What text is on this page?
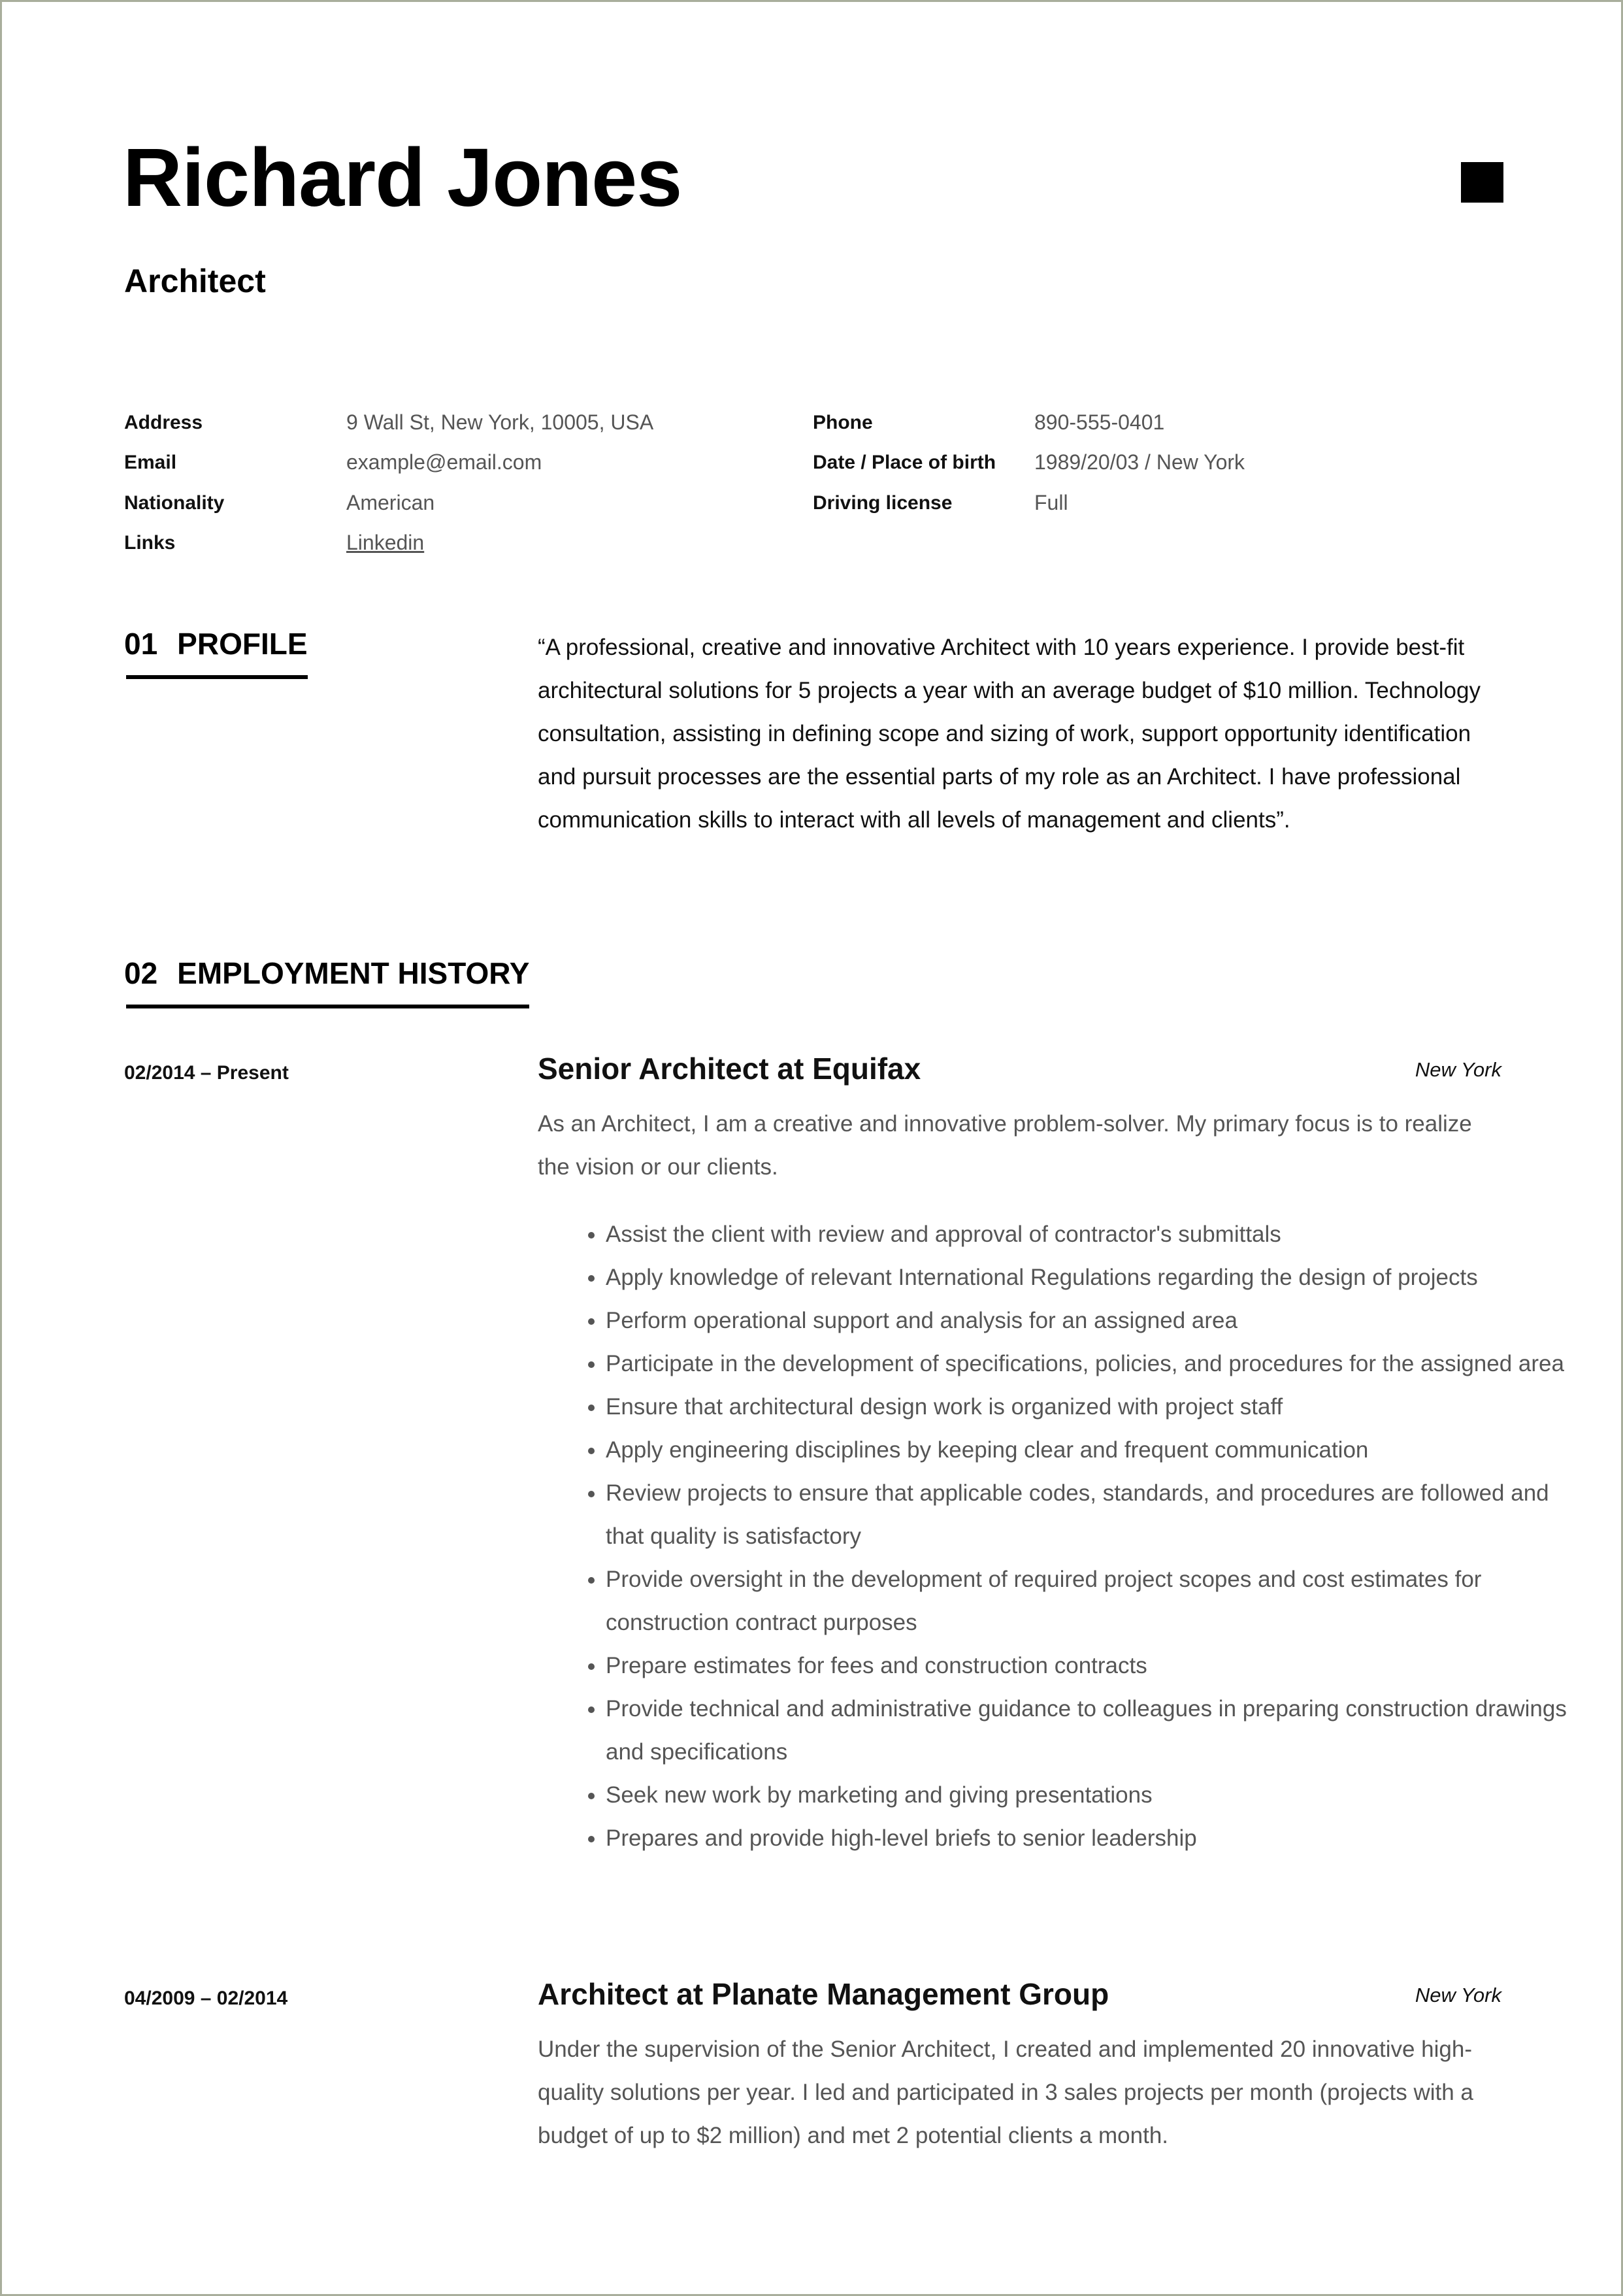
Richard Jones
Architect
Address	9 Wall St, New York, 10005, USA
Email	example@email.com
Nationality	American
Links	Linkedin
Phone	890-555-0401
Date / Place of birth 1989/20/03 / New York
Driving license	Full
01 PROFILE	“A professional, creative and innovative Architect with 10 years experience. I provide best-fit architectural solutions for 5 projects a year with an average budget of $10 million. Technology consultation, assisting in defining scope and sizing of work, support opportunity identification and pursuit processes are the essential parts of my role as an Architect. I have professional communication skills to interact with all levels of management and clients”.
02 EMPLOYMENT HISTORY
02/2014 – Present	Senior Architect at Equifax	New York
As an Architect, I am a creative and innovative problem-solver. My primary focus is to realize the vision or our clients.
• Assist the client with review and approval of contractor's submittals
• Apply knowledge of relevant International Regulations regarding the design of projects
• Perform operational support and analysis for an assigned area
• Participate in the development of specifications, policies, and procedures for the assigned area
• Ensure that architectural design work is organized with project staff
• Apply engineering disciplines by keeping clear and frequent communication
• Review projects to ensure that applicable codes, standards, and procedures are followed and that quality is satisfactory
• Provide oversight in the development of required project scopes and cost estimates for construction contract purposes
• Prepare estimates for fees and construction contracts
• Provide technical and administrative guidance to colleagues in preparing construction drawings and specifications
• Seek new work by marketing and giving presentations
• Prepares and provide high-level briefs to senior leadership
04/2009 – 02/2014	Architect at Planate Management Group	New York
Under the supervision of the Senior Architect, I created and implemented 20 innovative high-quality solutions per year. I led and participated in 3 sales projects per month (projects with a budget of up to $2 million) and met 2 potential clients a month.
